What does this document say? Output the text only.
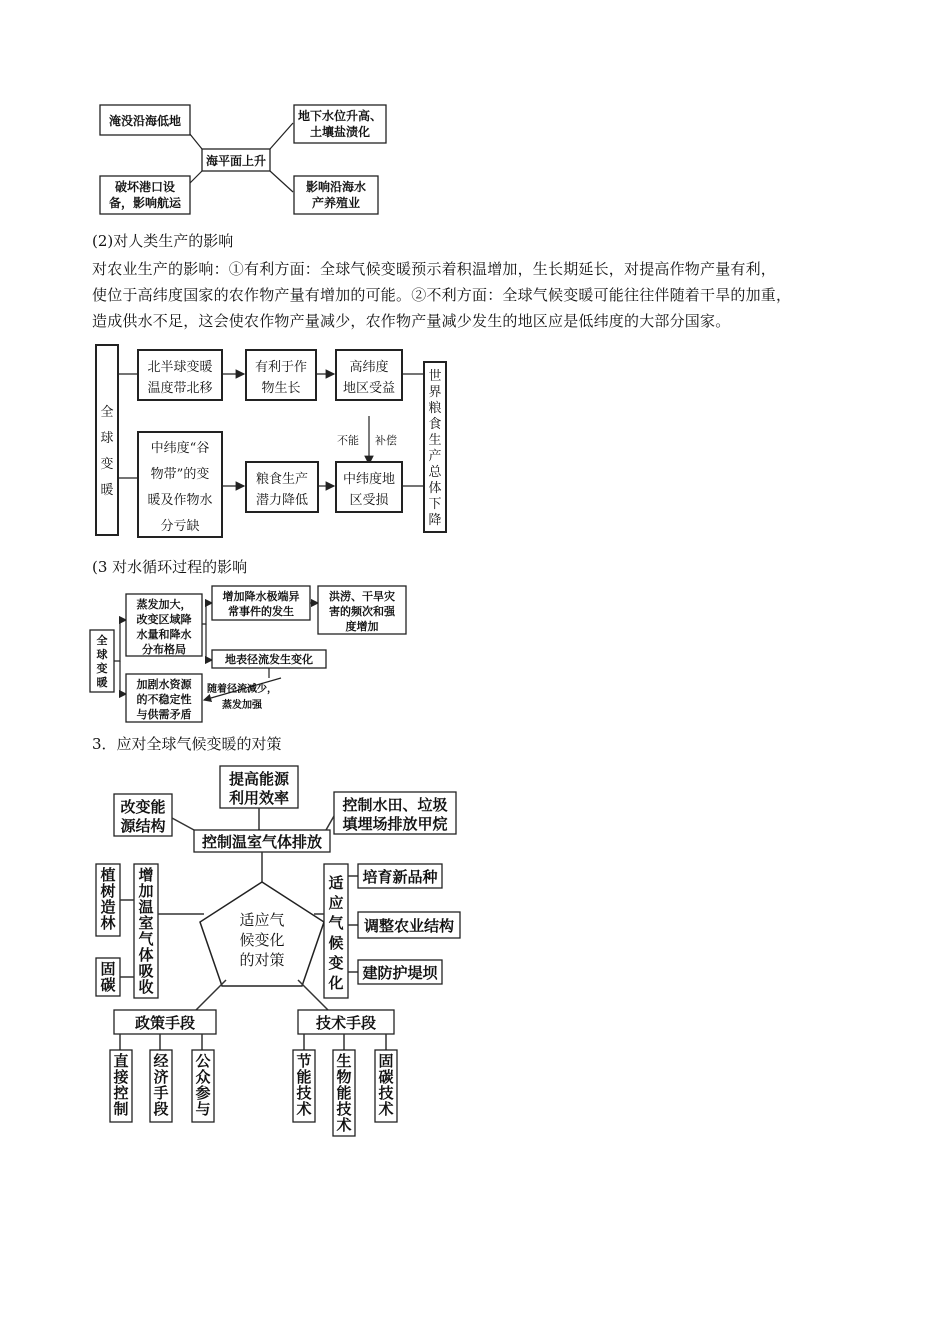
淹没沿海低地	地下水位升高、
土壤盐渍化
海平面上升
破坏港口设
备，影响航运
影响沿海水
产养殖业
(2)对人类生产的影响
对农业生产的影响：①有利方面：全球气候变暖预示着积温增加，生长期延长，对提高作物产量有利，
使位于高纬度国家的农作物产量有增加的可能。②不利方面：全球气候变暖可能往往伴随着干旱的加重，
造成供水不足，这会使农作物产量减少，农作物产量减少发生的地区应是低纬度的大部分国家。
全
球
变
暖
北半球变暖
温度带北移
有利于作
物生长
高纬度
地区受益
不能 补偿
中纬度“谷
物带”的变
暖及作物水
分亏缺
粮食生产
潜力降低
中纬度地
区受损
世
界
粮
食
生
产
总
体
下
降
(3 对水循环过程的影响
全
球
变
暖
蒸发加大，
改变区域降
水量和降水
分布格局
增加降水极端异
常事件的发生
洪涝、干旱灾
害的频次和强
度增加
地表径流发生变化
随着径流减少，
蒸发加强
加剧水资源
的不稳定性
与供需矛盾
3．应对全球气候变暖的对策
提高能源
利用效率
改变能
源结构
控制水田、垃圾
填埋场排放甲烷
控制温室气体排放
适应气
候变化
的对策
增
加
温
室
气
体
吸
收
植
树
造
林
固
碳
适
应
气
候
变
化
培育新品种
调整农业结构
建防护堤坝
政策手段	技术手段
直
接
控
制
经
济
手
段
公
众
参
与
节
能
技
术
生
物
能
技
术
固
碳
技
术
